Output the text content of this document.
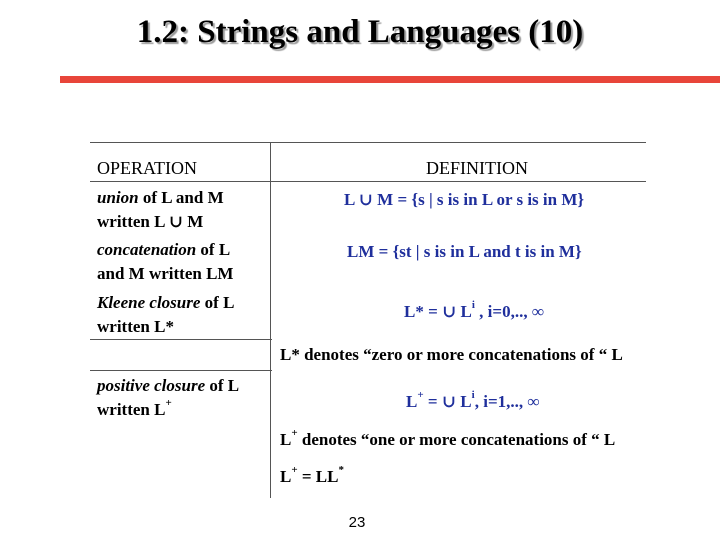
1.2: Strings and Languages (10)
OPERATION	DEFINITION
union of L and M
written L ∪ M
L ∪ M = {s | s is in L or s is in M}
concatenation of L
and M written LM
LM = {st | s is in L and t is in M}
Kleene closure of L
written L*
L* = ∪ $L^i$ , i=0,.., ∞
L* denotes “zero or more concatenations of “ L
positive closure of L
written L+	L+ = ∪ $L^i$, i=1,.., ∞
L+ denotes “one or more concatenations of “ L
L+ = LL*
23
